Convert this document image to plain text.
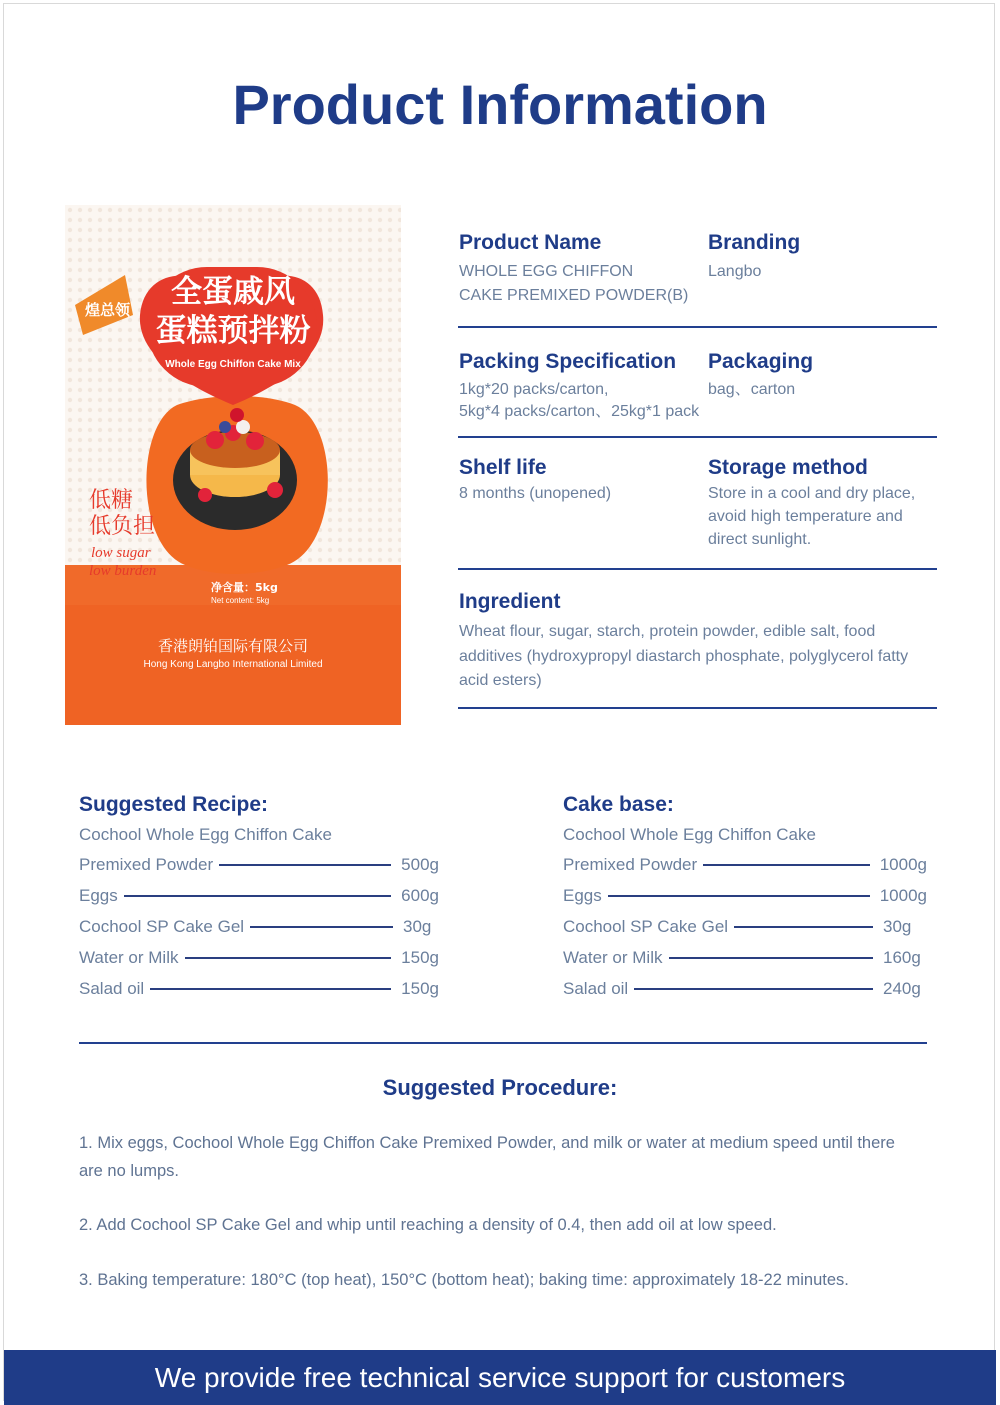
Product Information
煌总领 全蛋戚风
蛋糕预拌粉
Whole Egg Chiffon Cake Mix
低糖
低负担
low sugar
low burden
净含量：5kg
Net content: 5kg
香港朗铂国际有限公司
Hong Kong Langbo International Limited
Product Name
WHOLE EGG CHIFFON
CAKE PREMIXED POWDER(B)
Branding
Langbo
Packing Specification
1kg*20 packs/carton,
5kg*4 packs/carton、25kg*1 pack
Packaging
bag、carton
Shelf life
8 months (unopened)
Storage method
Store in a cool and dry place,
avoid high temperature and
direct sunlight.
Ingredient
Wheat flour, sugar, starch, protein powder, edible salt, food
additives (hydroxypropyl diastarch phosphate, polyglycerol fatty
acid esters)
Suggested Recipe:
Cochool Whole Egg Chiffon Cake
Premixed Powder	500g
Eggs	600g
Cochool SP Cake Gel	30g
Water or Milk	150g
Salad oil	150g
Cake base:
Cochool Whole Egg Chiffon Cake
Premixed Powder	1000g
Eggs	1000g
Cochool SP Cake Gel	30g
Water or Milk	160g
Salad oil	240g
Suggested Procedure:
1. Mix eggs, Cochool Whole Egg Chiffon Cake Premixed Powder, and milk or water at medium speed until there
are no lumps.
2. Add Cochool SP Cake Gel and whip until reaching a density of 0.4, then add oil at low speed.
3. Baking temperature: 180°C (top heat), 150°C (bottom heat); baking time: approximately 18-22 minutes.
We provide free technical service support for customers
